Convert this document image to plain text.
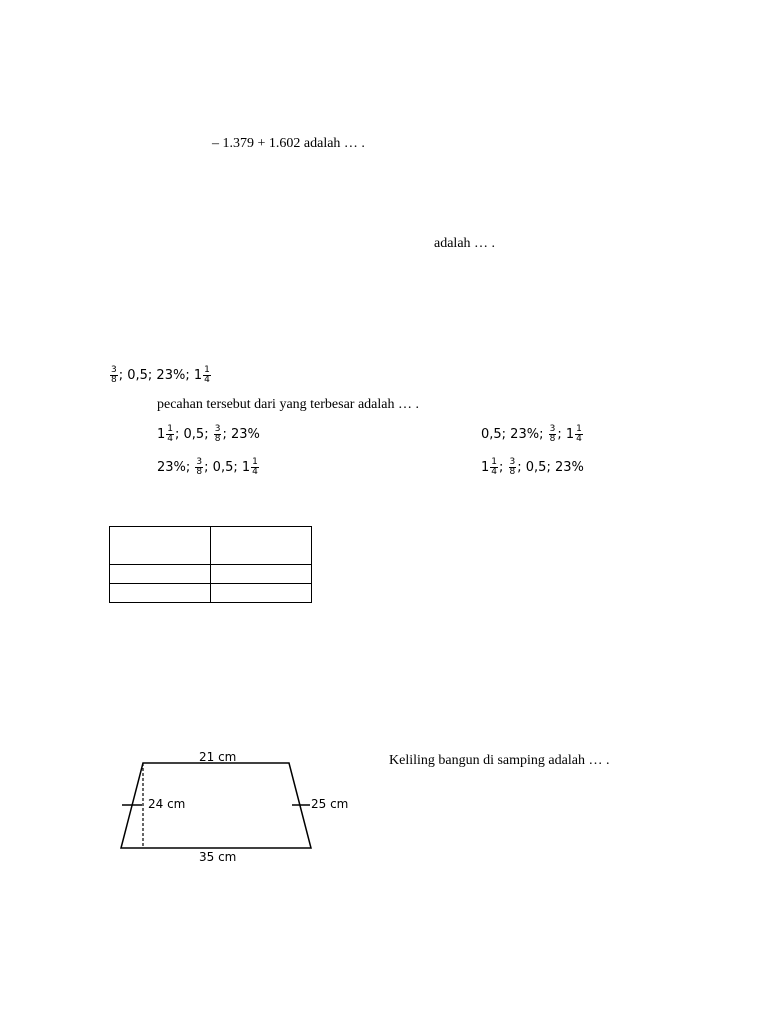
– 1.379 + 1.602 adalah … .
adalah … .
$\frac{3}{8}$ ; 0,5; 23%; $1 \frac{1}{4}$
pecahan tersebut dari yang terbesar adalah … .
$1 \frac{1}{4}$ ; 0,5; $\frac{3}{8}$ ; 23%	0,5; 23%; $\frac{3}{8}$ ; $1 \frac{1}{4}$
23%; $\frac{3}{8}$ ; 0,5; $1 \frac{1}{4}$	$1 \frac{1}{4}$ ; $\frac{3}{8}$ ; 0,5; 23%

21 cm
24 cm	25 cm
35 cm
Keliling bangun di samping adalah … .
